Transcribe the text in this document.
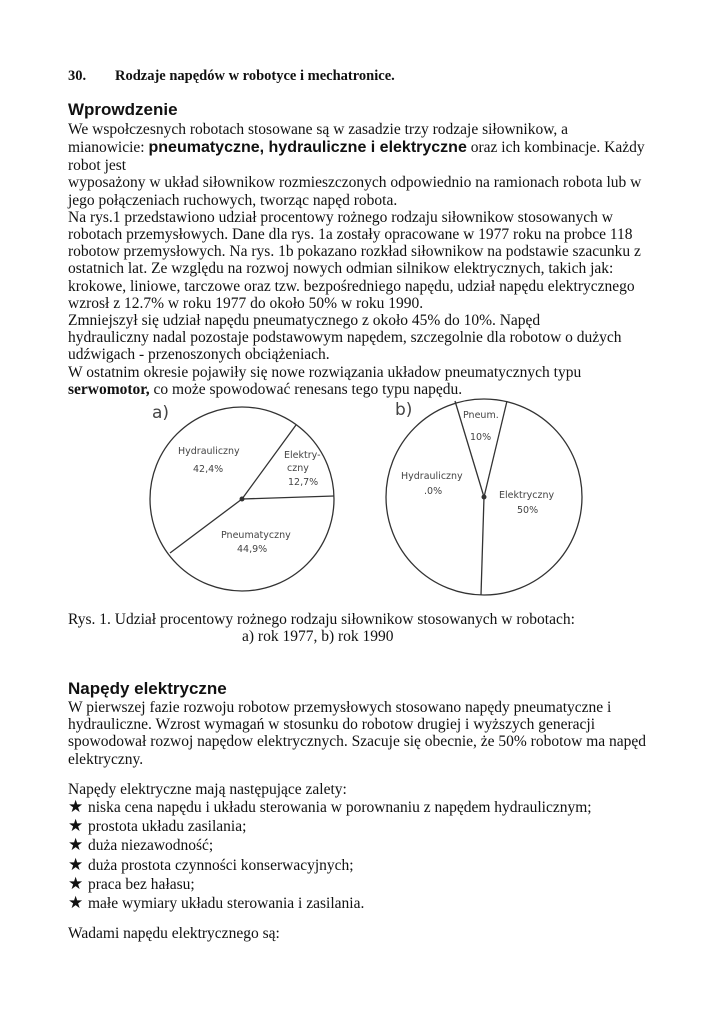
30. Rodzaje napędów w robotyce i mechatronice.
Wprowdzenie

We wspołczesnych robotach stosowane są w zasadzie trzy rodzaje siłownikow, a

mianowicie: pneumatyczne, hydrauliczne i elektryczne oraz ich kombinacje. Każdy

robot jest

wyposażony w układ siłownikow rozmieszczonych odpowiednio na ramionach robota lub w

jego połączeniach ruchowych, tworząc napęd robota.

Na rys.1 przedstawiono udział procentowy rożnego rodzaju siłownikow stosowanych w

robotach przemysłowych. Dane dla rys. 1a zostały opracowane w 1977 roku na probce 118

robotow przemysłowych. Na rys. 1b pokazano rozkład siłownikow na podstawie szacunku z

ostatnich lat. Ze względu na rozwoj nowych odmian silnikow elektrycznych, takich jak:

krokowe, liniowe, tarczowe oraz tzw. bezpośredniego napędu, udział napędu elektrycznego

wzrosł z 12.7% w roku 1977 do około 50% w roku 1990.

Zmniejszył się udział napędu pneumatycznego z około 45% do 10%. Napęd

hydrauliczny nadal pozostaje podstawowym napędem, szczegolnie dla robotow o dużych

udźwigach - przenoszonych obciążeniach.

W ostatnim okresie pojawiły się nowe rozwiązania układow pneumatycznych typu

serwomotor, co może spowodować renesans tego typu napędu.

a)
Hydrauliczny
42,4%
Elektry-
czny
12,7%
Pneumatyczny
44,9%
b)	Pneum.
10%
Hydrauliczny
.0%	Elektryczny
50%
Rys. 1. Udział procentowy rożnego rodzaju siłownikow stosowanych w robotach:
a) rok 1977, b) rok 1990
Napędy elektryczne
W pierwszej fazie rozwoju robotow przemysłowych stosowano napędy pneumatyczne i
hydrauliczne. Wzrost wymagań w stosunku do robotow drugiej i wyższych generacji
spowodował rozwoj napędow elektrycznych. Szacuje się obecnie, że 50% robotow ma napęd
elektryczny.
Napędy elektryczne mają następujące zalety:
★ niska cena napędu i układu sterowania w porownaniu z napędem hydraulicznym;
★ prostota układu zasilania;
★ duża niezawodność;
★ duża prostota czynności konserwacyjnych;
★ praca bez hałasu;
★ małe wymiary układu sterowania i zasilania.
Wadami napędu elektrycznego są:
